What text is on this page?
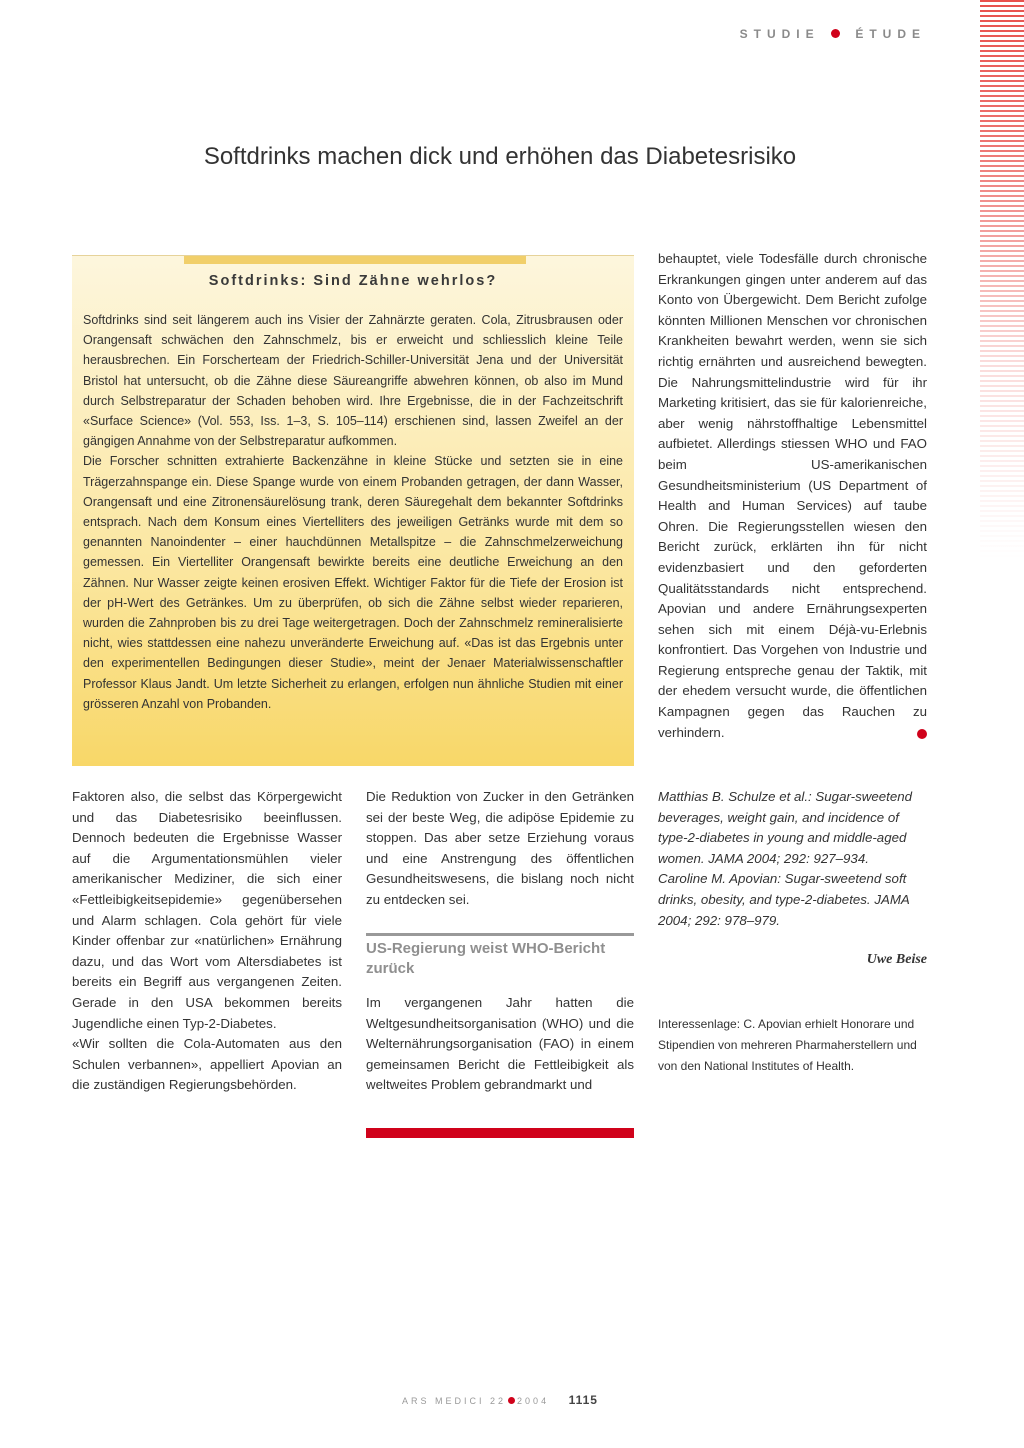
STUDIE	ÉTUDE
Softdrinks machen dick und erhöhen das Diabetesrisiko
Softdrinks: Sind Zähne wehrlos?

Softdrinks sind seit längerem auch ins Visier der Zahnärzte geraten. Cola, Zitrusbrausen oder Orangensaft schwächen den Zahnschmelz, bis er erweicht und schliesslich kleine Teile herausbrechen. Ein Forscherteam der Friedrich-Schiller-Universität Jena und der Universität Bristol hat untersucht, ob die Zähne diese Säureangriffe abwehren können, ob also im Mund durch Selbstreparatur der Schaden behoben wird. Ihre Ergebnisse, die in der Fachzeitschrift «Surface Science» (Vol. 553, Iss. 1–3, S. 105–114) erschienen sind, lassen Zweifel an der gängigen Annahme von der Selbstreparatur aufkommen.

Die Forscher schnitten extrahierte Backenzähne in kleine Stücke und setzten sie in eine Trägerzahnspange ein. Diese Spange wurde von einem Probanden getragen, der dann Wasser, Orangensaft und eine Zitronensäurelösung trank, deren Säuregehalt dem bekannter Softdrinks entsprach. Nach dem Konsum eines Viertelliters des jeweiligen Getränks wurde mit dem so genannten Nanoindenter – einer hauchdünnen Metallspitze – die Zahnschmelzerweichung gemessen. Ein Viertelliter Orangensaft bewirkte bereits eine deutliche Erweichung an den Zähnen. Nur Wasser zeigte keinen erosiven Effekt. Wichtiger Faktor für die Tiefe der Erosion ist der pH-Wert des Getränkes. Um zu überprüfen, ob sich die Zähne selbst wieder reparieren, wurden die Zahnproben bis zu drei Tage weitergetragen. Doch der Zahnschmelz remineralisierte nicht, wies stattdessen eine nahezu unveränderte Erweichung auf. «Das ist das Ergebnis unter den experimentellen Bedingungen dieser Studie», meint der Jenaer Materialwissenschaftler Professor Klaus Jandt. Um letzte Sicherheit zu erlangen, erfolgen nun ähnliche Studien mit einer grösseren Anzahl von Probanden.

behauptet, viele Todesfälle durch chronische Erkrankungen gingen unter anderem auf das Konto von Übergewicht. Dem Bericht zufolge könnten Millionen Menschen vor chronischen Krankheiten bewahrt werden, wenn sie sich richtig ernährten und ausreichend bewegten. Die Nahrungsmittelindustrie wird für ihr Marketing kritisiert, das sie für kalorienreiche, aber wenig nährstoffhaltige Lebensmittel aufbietet. Allerdings stiessen WHO und FAO beim US-amerikanischen Gesundheitsministerium (US Department of Health and Human Services) auf taube Ohren. Die Regierungsstellen wiesen den Bericht zurück, erklärten ihn für nicht evidenzbasiert und den geforderten Qualitätsstandards nicht entsprechend. Apovian und andere Ernährungsexperten sehen sich mit einem Déjà-vu-Erlebnis konfrontiert. Das Vorgehen von Industrie und Regierung entspreche genau der Taktik, mit der ehedem versucht wurde, die öffentlichen Kampagnen gegen das Rauchen zu verhindern.

Faktoren also, die selbst das Körpergewicht und das Diabetesrisiko beeinflussen. Dennoch bedeuten die Ergebnisse Wasser auf die Argumentationsmühlen vieler amerikanischer Mediziner, die sich einer «Fettleibigkeitsepidemie» gegenübersehen und Alarm schlagen. Cola gehört für viele Kinder offenbar zur «natürlichen» Ernährung dazu, und das Wort vom Altersdiabetes ist bereits ein Begriff aus vergangenen Zeiten. Gerade in den USA bekommen bereits Jugendliche einen Typ-2-Diabetes.

«Wir sollten die Cola-Automaten aus den Schulen verbannen», appelliert Apovian an die zuständigen Regierungsbehörden.

Die Reduktion von Zucker in den Getränken sei der beste Weg, die adipöse Epidemie zu stoppen. Das aber setze Erziehung voraus und eine Anstrengung des öffentlichen Gesundheitswesens, die bislang noch nicht zu entdecken sei.

US-Regierung weist WHO-Bericht zurück

Im vergangenen Jahr hatten die Weltgesundheitsorganisation (WHO) und die Welternährungsorganisation (FAO) in einem gemeinsamen Bericht die Fettleibigkeit als weltweites Problem gebrandmarkt und

Matthias B. Schulze et al.: Sugar-sweetend beverages, weight gain, and incidence of type-2-diabetes in young and middle-aged women. JAMA 2004; 292: 927–934.

Caroline M. Apovian: Sugar-sweetend soft drinks, obesity, and type-2-diabetes. JAMA 2004; 292: 978–979.

Uwe Beise
Interessenlage: C. Apovian erhielt Honorare und Stipendien von mehreren Pharmaherstellern und von den National Institutes of Health.
ARS MEDICI 22 2004 1115
